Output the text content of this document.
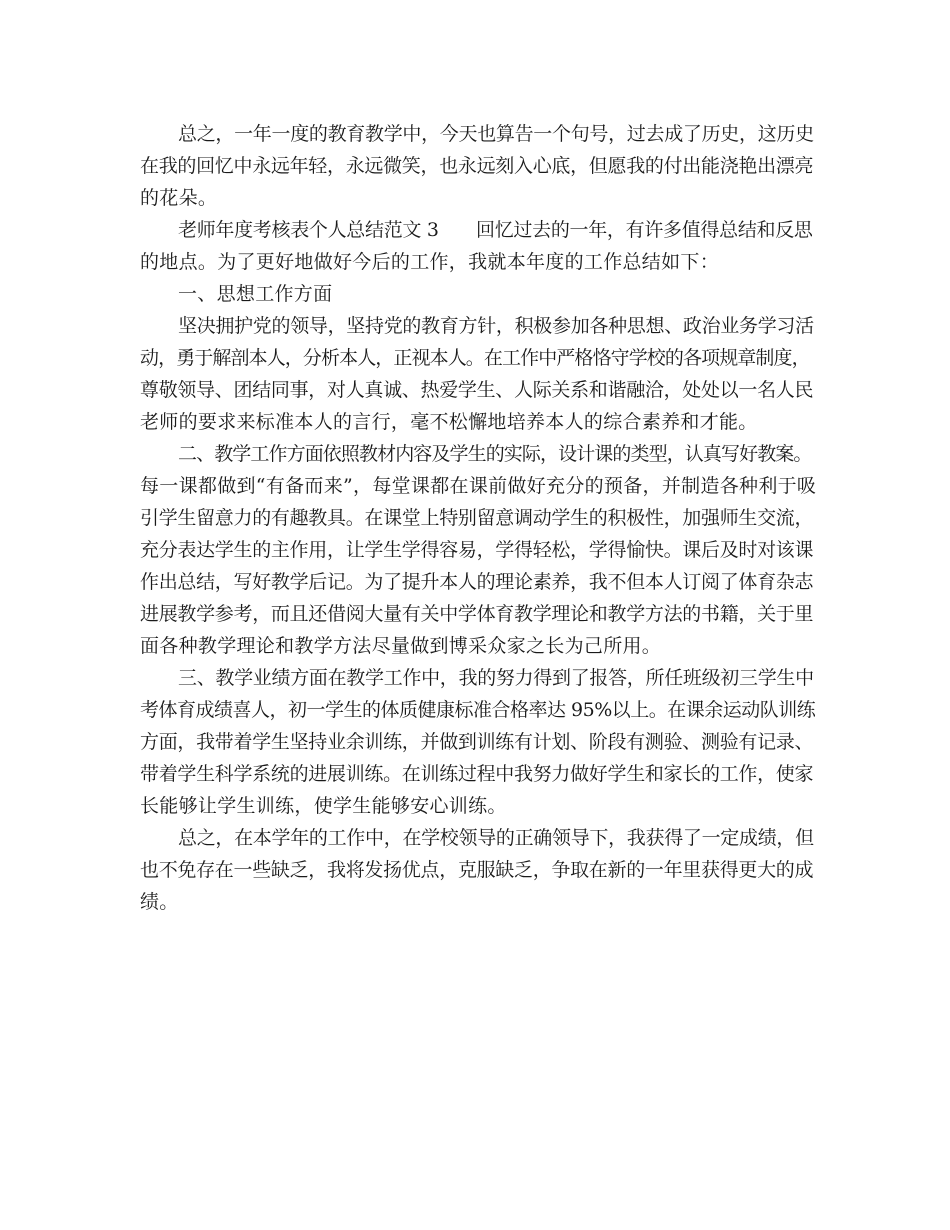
总之，一年一度的教育教学中，今天也算告一个句号，过去成了历史，这历史
在我的回忆中永远年轻，永远微笑，也永远刻入心底，但愿我的付出能浇艳出漂亮
的花朵。
老师年度考核表个人总结范文 3　　回忆过去的一年，有许多值得总结和反思
的地点。为了更好地做好今后的工作，我就本年度的工作总结如下：
一、思想工作方面
坚决拥护党的领导，坚持党的教育方针，积极参加各种思想、政治业务学习活
动，勇于解剖本人，分析本人，正视本人。在工作中严格恪守学校的各项规章制度，
尊敬领导、团结同事，对人真诚、热爱学生、人际关系和谐融洽，处处以一名人民
老师的要求来标准本人的言行，毫不松懈地培养本人的综合素养和才能。
二、教学工作方面依照教材内容及学生的实际，设计课的类型，认真写好教案。
每一课都做到“有备而来”，每堂课都在课前做好充分的预备，并制造各种利于吸
引学生留意力的有趣教具。在课堂上特别留意调动学生的积极性，加强师生交流，
充分表达学生的主作用，让学生学得容易，学得轻松，学得愉快。课后及时对该课
作出总结，写好教学后记。为了提升本人的理论素养，我不但本人订阅了体育杂志
进展教学参考，而且还借阅大量有关中学体育教学理论和教学方法的书籍，关于里
面各种教学理论和教学方法尽量做到博采众家之长为己所用。
三、教学业绩方面在教学工作中，我的努力得到了报答，所任班级初三学生中
考体育成绩喜人，初一学生的体质健康标准合格率达 95%以上。在课余运动队训练
方面，我带着学生坚持业余训练，并做到训练有计划、阶段有测验、测验有记录、
带着学生科学系统的进展训练。在训练过程中我努力做好学生和家长的工作，使家
长能够让学生训练，使学生能够安心训练。
总之，在本学年的工作中，在学校领导的正确领导下，我获得了一定成绩，但
也不免存在一些缺乏，我将发扬优点，克服缺乏，争取在新的一年里获得更大的成
绩。
